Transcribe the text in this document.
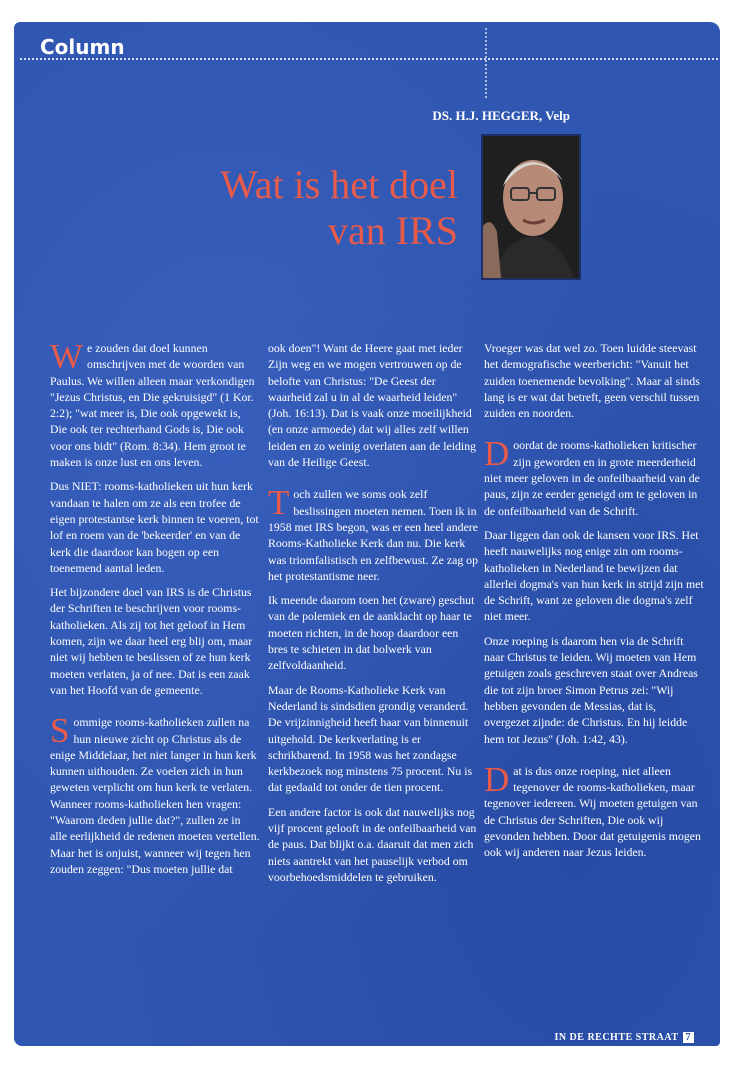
Column
DS. H.J. HEGGER, Velp
Wat is het doel
van IRS

We zouden dat doel kunnen omschrijven met de woorden van Paulus. We willen alleen maar verkondigen "Jezus Christus, en Die gekruisigd" (1 Kor. 2:2); "wat meer is, Die ook opgewekt is, Die ook ter rechterhand Gods is, Die ook voor ons bidt" (Rom. 8:34). Hem groot te maken is onze lust en ons leven.

Dus NIET: rooms-katholieken uit hun kerk vandaan te halen om ze als een trofee de eigen protestantse kerk binnen te voeren, tot lof en roem van de 'bekeerder' en van de kerk die daardoor kan bogen op een toenemend aantal leden.

Het bijzondere doel van IRS is de Christus der Schriften te beschrijven voor rooms-katholieken. Als zij tot het geloof in Hem komen, zijn we daar heel erg blij om, maar niet wij hebben te beslissen of ze hun kerk moeten verlaten, ja of nee. Dat is een zaak van het Hoofd van de gemeente.

Sommige rooms-katholieken zullen na hun nieuwe zicht op Christus als de enige Middelaar, het niet langer in hun kerk kunnen uithouden. Ze voelen zich in hun geweten verplicht om hun kerk te verlaten. Wanneer rooms-katholieken hen vragen: "Waarom deden jullie dat?", zullen ze in alle eerlijkheid de redenen moeten vertellen. Maar het is onjuist, wanneer wij tegen hen zouden zeggen: "Dus moeten jullie dat

ook doen"! Want de Heere gaat met ieder Zijn weg en we mogen vertrouwen op de belofte van Christus: "De Geest der waarheid zal u in al de waarheid leiden" (Joh. 16:13). Dat is vaak onze moeilijkheid (en onze armoede) dat wij alles zelf willen leiden en zo weinig overlaten aan de leiding van de Heilige Geest.

Toch zullen we soms ook zelf beslissingen moeten nemen. Toen ik in 1958 met IRS begon, was er een heel andere Rooms-Katholieke Kerk dan nu. Die kerk was triomfalistisch en zelfbewust. Ze zag op het protestantisme neer.

Ik meende daarom toen het (zware) geschut van de polemiek en de aanklacht op haar te moeten richten, in de hoop daardoor een bres te schieten in dat bolwerk van zelfvoldaanheid.

Maar de Rooms-Katholieke Kerk van Nederland is sindsdien grondig veranderd. De vrijzinnigheid heeft haar van binnenuit uitgehold. De kerkverlating is er schrikbarend. In 1958 was het zondagse kerkbezoek nog minstens 75 procent. Nu is dat gedaald tot onder de tien procent.

Een andere factor is ook dat nauwelijks nog vijf procent gelooft in de onfeilbaarheid van de paus. Dat blijkt o.a. daaruit dat men zich niets aantrekt van het pauselijk verbod om voorbehoedsmiddelen te gebruiken.

Vroeger was dat wel zo. Toen luidde steevast het demografische weerbericht: "Vanuit het zuiden toenemende bevolking". Maar al sinds lang is er wat dat betreft, geen verschil tussen zuiden en noorden.

Doordat de rooms-katholieken kritischer zijn geworden en in grote meerderheid niet meer geloven in de onfeilbaarheid van de paus, zijn ze eerder geneigd om te geloven in de onfeilbaarheid van de Schrift.

Daar liggen dan ook de kansen voor IRS. Het heeft nauwelijks nog enige zin om rooms-katholieken in Nederland te bewijzen dat allerlei dogma's van hun kerk in strijd zijn met de Schrift, want ze geloven die dogma's zelf niet meer.

Onze roeping is daarom hen via de Schrift naar Christus te leiden. Wij moeten van Hem getuigen zoals geschreven staat over Andreas die tot zijn broer Simon Petrus zei: "Wij hebben gevonden de Messias, dat is, overgezet zijnde: de Christus. En hij leidde hem tot Jezus" (Joh. 1:42, 43).

Dat is dus onze roeping, niet alleen tegenover de rooms-katholieken, maar tegenover iedereen. Wij moeten getuigen van de Christus der Schriften, Die ook wij gevonden hebben. Door dat getuigenis mogen ook wij anderen naar Jezus leiden.

IN DE RECHTE STRAAT 7
